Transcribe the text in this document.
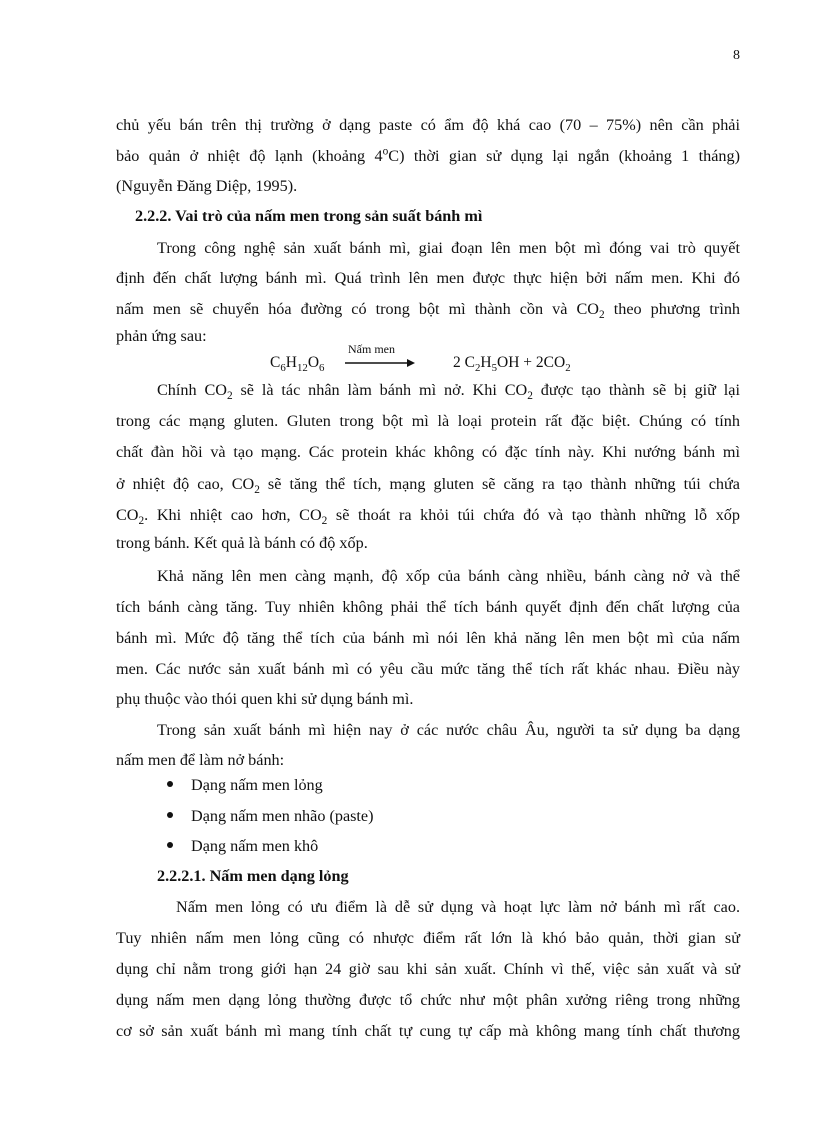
8
chủ yếu bán trên thị trường ở dạng paste có ẩm độ khá cao (70 – 75%) nên cần phải
bảo quản ở nhiệt độ lạnh (khoảng 4$^o$C) thời gian sử dụng lại ngắn (khoảng 1 tháng)
(Nguyễn Đăng Diệp, 1995).
2.2.2. Vai trò của nấm men trong sản suất bánh mì
Trong công nghệ sản xuất bánh mì, giai đoạn lên men bột mì đóng vai trò quyết
định đến chất lượng bánh mì. Quá trình lên men được thực hiện bởi nấm men. Khi đó
nấm men sẽ chuyển hóa đường có trong bột mì thành cồn và $CO_2$ theo phương trình
phản ứng sau:
$C_6H_{12}O_6$
Nấm men
2 $C_2H_5OH + 2CO_2$
Chính $CO_2$ sẽ là tác nhân làm bánh mì nở. Khi $CO_2$ được tạo thành sẽ bị giữ lại
trong các mạng gluten. Gluten trong bột mì là loại protein rất đặc biệt. Chúng có tính
chất đàn hồi và tạo mạng. Các protein khác không có đặc tính này. Khi nướng bánh mì
ở nhiệt độ cao, $CO_2$ sẽ tăng thể tích, mạng gluten sẽ căng ra tạo thành những túi chứa
$CO_2$. Khi nhiệt cao hơn, $CO_2$ sẽ thoát ra khỏi túi chứa đó và tạo thành những lỗ xốp
trong bánh. Kết quả là bánh có độ xốp.
Khả năng lên men càng mạnh, độ xốp của bánh càng nhiều, bánh càng nở và thể
tích bánh càng tăng. Tuy nhiên không phải thể tích bánh quyết định đến chất lượng của
bánh mì. Mức độ tăng thể tích của bánh mì nói lên khả năng lên men bột mì của nấm
men. Các nước sản xuất bánh mì có yêu cầu mức tăng thể tích rất khác nhau. Điều này
phụ thuộc vào thói quen khi sử dụng bánh mì.
Trong sản xuất bánh mì hiện nay ở các nước châu Âu, người ta sử dụng ba dạng
nấm men để làm nở bánh:
Dạng nấm men lỏng
Dạng nấm men nhão (paste)
Dạng nấm men khô
2.2.2.1. Nấm men dạng lỏng
Nấm men lỏng có ưu điểm là dễ sử dụng và hoạt lực làm nở bánh mì rất cao.
Tuy nhiên nấm men lỏng cũng có nhược điểm rất lớn là khó bảo quản, thời gian sử
dụng chỉ nằm trong giới hạn 24 giờ sau khi sản xuất. Chính vì thế, việc sản xuất và sử
dụng nấm men dạng lỏng thường được tổ chức như một phân xưởng riêng trong những
cơ sở sản xuất bánh mì mang tính chất tự cung tự cấp mà không mang tính chất thương
